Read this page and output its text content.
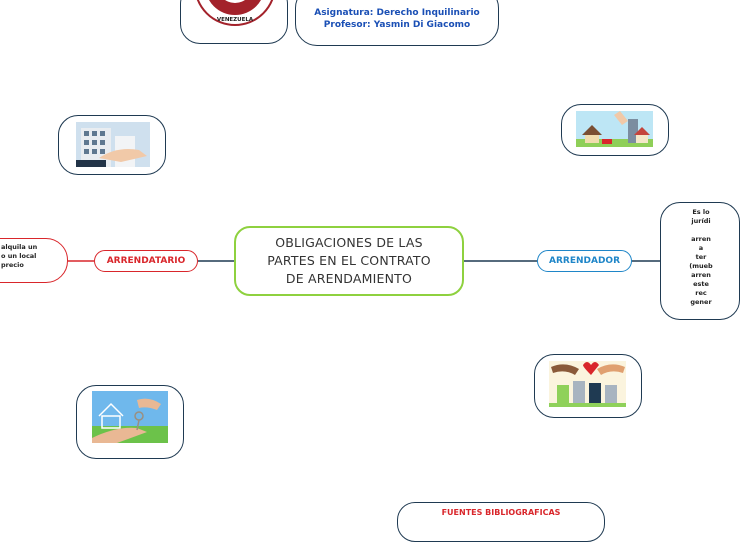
VENEZUELA
Asignatura: Derecho Inquilinario
Profesor: Yasmin Di Giacomo
OBLIGACIONES DE LAS
PARTES EN EL CONTRATO
DE ARENDAMIENTO
ARRENDATARIO
alquila un
o un local
precio	ARRENDADOR
Es lo
jurídi
arren
a
ter
(mueb
arren
este
rec
gener
FUENTES BIBLIOGRAFICAS
